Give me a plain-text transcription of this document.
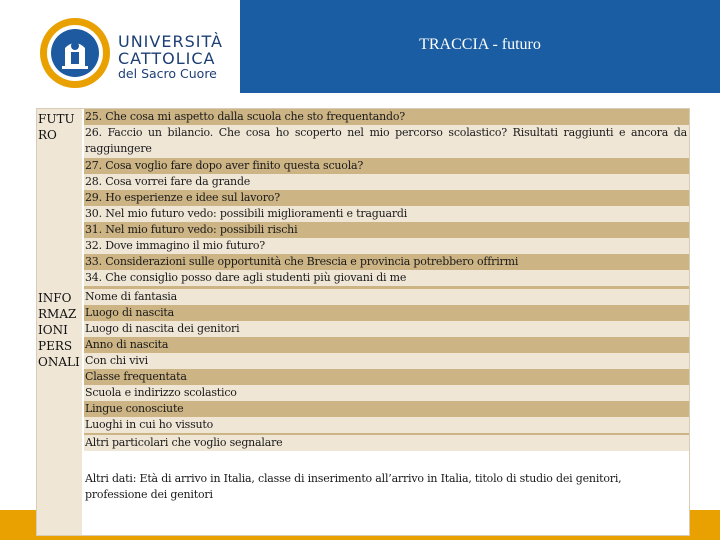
UNIVERSITÀ
CATTOLICA
del Sacro Cuore
TRACCIA - futuro
FUTU
RO
INFO
RMAZ
IONI
PERS
ONALI
25. Che cosa mi aspetto dalla scuola che sto frequentando?
26. Faccio un bilancio. Che cosa ho scoperto nel mio percorso scolastico? Risultati raggiunti e ancora da raggiungere
27. Cosa voglio fare dopo aver finito questa scuola?
28. Cosa vorrei fare da grande
29. Ho esperienze e idee sul lavoro?
30. Nel mio futuro vedo: possibili miglioramenti e traguardi
31. Nel mio futuro vedo: possibili rischi
32. Dove immagino il mio futuro?
33. Considerazioni sulle opportunità che Brescia e provincia potrebbero offrirmi
34. Che consiglio posso dare agli studenti più giovani di me
Nome di fantasia
Luogo di nascita
Luogo di nascita dei genitori
Anno di nascita
Con chi vivi
Classe frequentata
Scuola e indirizzo scolastico
Lingue conosciute
Luoghi in cui ho vissuto
Altri particolari che voglio segnalare
Altri dati: Età di arrivo in Italia, classe di inserimento all’arrivo in Italia, titolo di studio dei genitori, professione dei genitori
